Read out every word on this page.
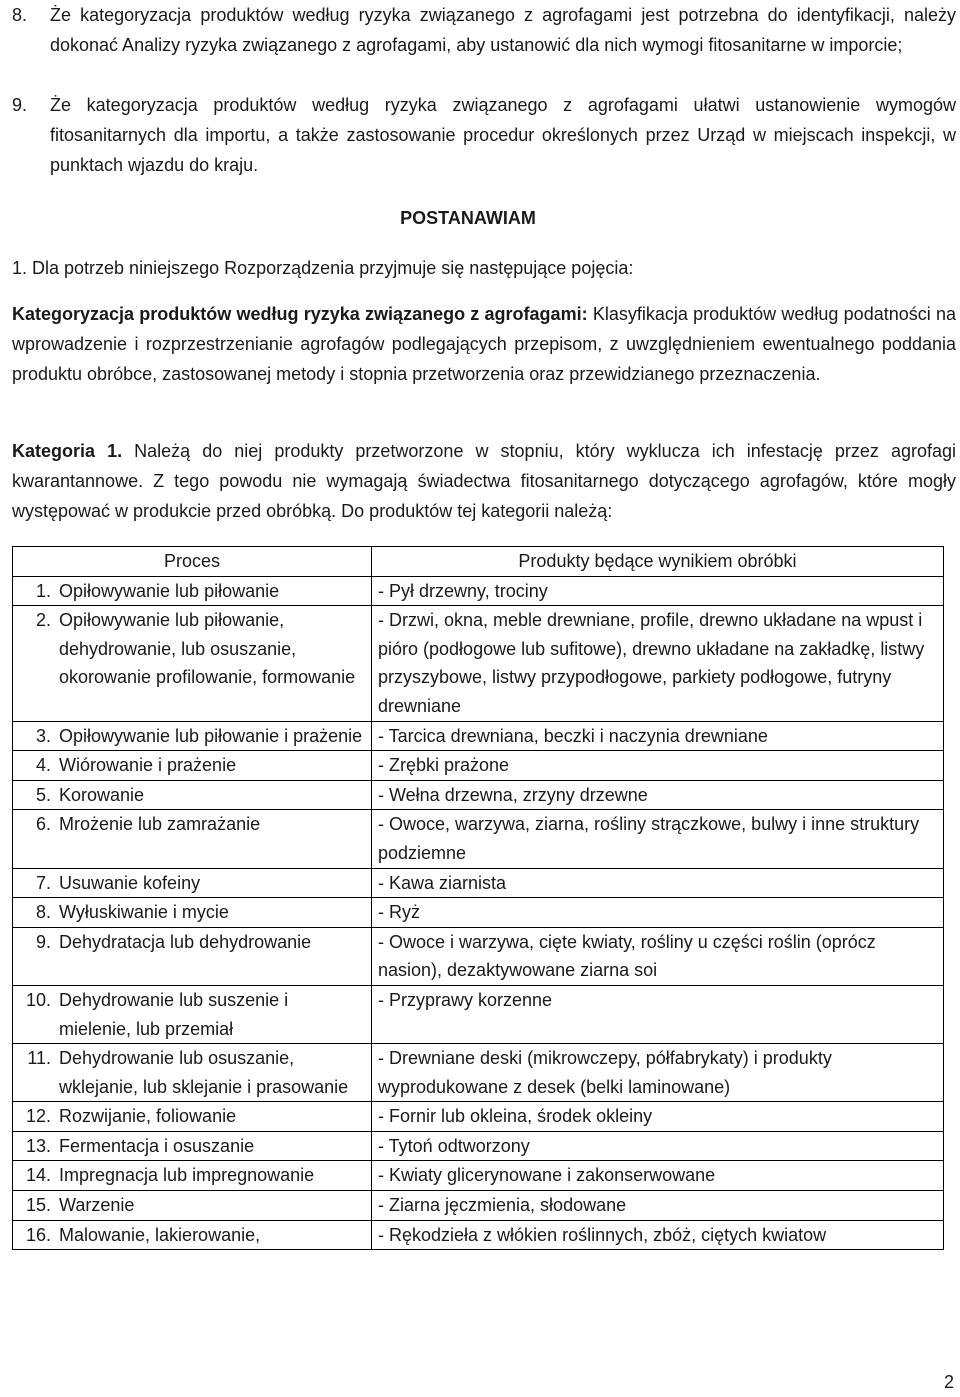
8. Że kategoryzacja produktów według ryzyka związanego z agrofagami jest potrzebna do identyfikacji, należy dokonać Analizy ryzyka związanego z agrofagami, aby ustanowić dla nich wymogi fitosanitarne w imporcie;
9. Że kategoryzacja produktów według ryzyka związanego z agrofagami ułatwi ustanowienie wymogów fitosanitarnych dla importu, a także zastosowanie procedur określonych przez Urząd w miejscach inspekcji, w punktach wjazdu do kraju.
POSTANAWIAM
1. Dla potrzeb niniejszego Rozporządzenia przyjmuje się następujące pojęcia:
Kategoryzacja produktów według ryzyka związanego z agrofagami: Klasyfikacja produktów według podatności na wprowadzenie i rozprzestrzenianie agrofagów podlegających przepisom, z uwzględnieniem ewentualnego poddania produktu obróbce, zastosowanej metody i stopnia przetworzenia oraz przewidzianego przeznaczenia.
Kategoria 1. Należą do niej produkty przetworzone w stopniu, który wyklucza ich infestację przez agrofagi kwarantannowe. Z tego powodu nie wymagają świadectwa fitosanitarnego dotyczącego agrofagów, które mogły występować w produkcie przed obróbką. Do produktów tej kategorii należą:
Proces	Produkty będące wynikiem obróbki

1. Opiłowywanie lub piłowanie	- Pył drzewny, trociny

2. Opiłowywanie lub piłowanie, dehydrowanie, lub osuszanie, okorowanie profilowanie, formowanie	- Drzwi, okna, meble drewniane, profile, drewno układane na wpust i pióro (podłogowe lub sufitowe), drewno układane na zakładkę, listwy przyszybowe, listwy przypodłogowe, parkiety podłogowe, futryny drewniane

3. Opiłowywanie lub piłowanie i prażenie	- Tarcica drewniana, beczki i naczynia drewniane

4. Wiórowanie i prażenie	- Zrębki prażone

5. Korowanie	- Wełna drzewna, zrzyny drzewne

6. Mrożenie lub zamrażanie	- Owoce, warzywa, ziarna, rośliny strączkowe, bulwy i inne struktury podziemne

7. Usuwanie kofeiny	- Kawa ziarnista

8. Wyłuskiwanie i mycie	- Ryż

9. Dehydratacja lub dehydrowanie	- Owoce i warzywa, cięte kwiaty, rośliny u części roślin (oprócz nasion), dezaktywowane ziarna soi

10. Dehydrowanie lub suszenie i mielenie, lub przemiał	- Przyprawy korzenne

11. Dehydrowanie lub osuszanie, wklejanie, lub sklejanie i prasowanie	- Drewniane deski (mikrowczepy, półfabrykaty) i produkty wyprodukowane z desek (belki laminowane)

12. Rozwijanie, foliowanie	- Fornir lub okleina, środek okleiny

13. Fermentacja i osuszanie	- Tytoń odtworzony

14. Impregnacja lub impregnowanie	- Kwiaty glicerynowane i zakonserwowane

15. Warzenie	- Ziarna jęczmienia, słodowane

16. Malowanie, lakierowanie,	- Rękodzieła z włókien roślinnych, zbóż, ciętych kwiatow
2
